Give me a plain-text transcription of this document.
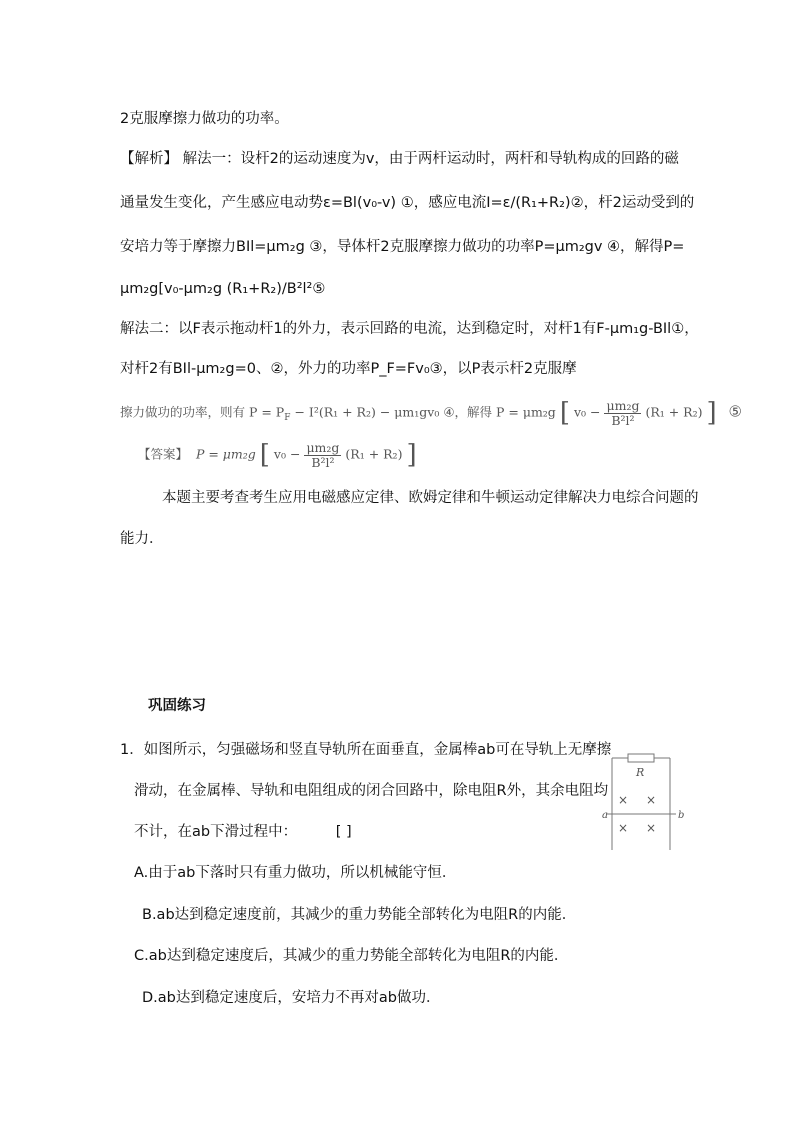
2克服摩擦力做功的功率。
【解析】 解法一：设杆2的运动速度为v，由于两杆运动时，两杆和导轨构成的回路的磁
通量发生变化，产生感应电动势ε=Bl(v₀-v) ①，感应电流I=ε/(R₁+R₂)②，杆2运动受到的
安培力等于摩擦力BIl=μm₂g ③，导体杆2克服摩擦力做功的功率P=μm₂gv ④，解得P=
μm₂g[v₀-μm₂g (R₁+R₂)/B²l²⑤
解法二：以F表示拖动杆1的外力，表示回路的电流，达到稳定时，对杆1有F-μm₁g-BIl①，
对杆2有BIl-μm₂g=0、②，外力的功率P_F=Fv₀③，以P表示杆2克服摩
擦力做功的功率，则有 $P = P_F - I^2(R_1 + R_2) - \mu m_1gv_0$ ④，解得 P = μm₂g [ $v_0 - \frac{\text{μm₂g}}{\text{B²l²}} (R_1 + R_2)$ ] ⑤
【答案】 P = μm₂g [ $v_0 - \frac{\text{μm₂g}}{\text{B²l²}} (R_1 + R_2)$ ]
本题主要考查考生应用电磁感应定律、欧姆定律和牛顿运动定律解决力电综合问题的
能力．
巩固练习
1．如图所示，匀强磁场和竖直导轨所在面垂直，金属棒ab可在导轨上无摩擦
滑动，在金属棒、导轨和电阻组成的闭合回路中，除电阻R外，其余电阻均
不计，在ab下滑过程中：	[ ]
A.由于ab下落时只有重力做功，所以机械能守恒．
B.ab达到稳定速度前，其减少的重力势能全部转化为电阻R的内能．
C.ab达到稳定速度后，其减少的重力势能全部转化为电阻R的内能．
D.ab达到稳定速度后，安培力不再对ab做功．
R
× ×
a	b
× ×
